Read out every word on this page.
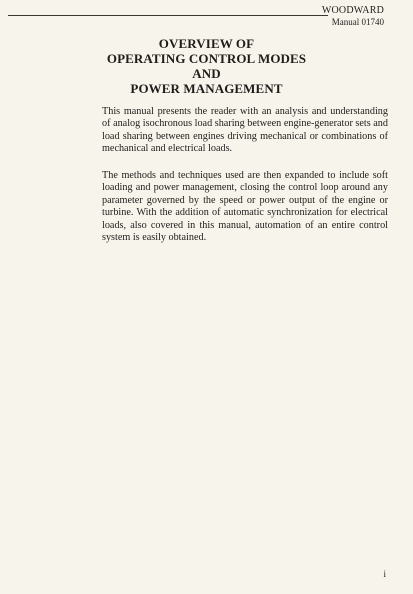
WOODWARD
Manual 01740
OVERVIEW OF
OPERATING CONTROL MODES
AND
POWER MANAGEMENT

This manual presents the reader with an analysis and understanding of analog isochronous load sharing between engine-generator sets and load sharing between engines driving mechanical or combinations of mechanical and electrical loads.

The methods and techniques used are then expanded to include soft loading and power management, closing the control loop around any parameter governed by the speed or power output of the engine or turbine. With the addition of automatic synchronization for electrical loads, also covered in this manual, automation of an entire control system is easily obtained.

i
